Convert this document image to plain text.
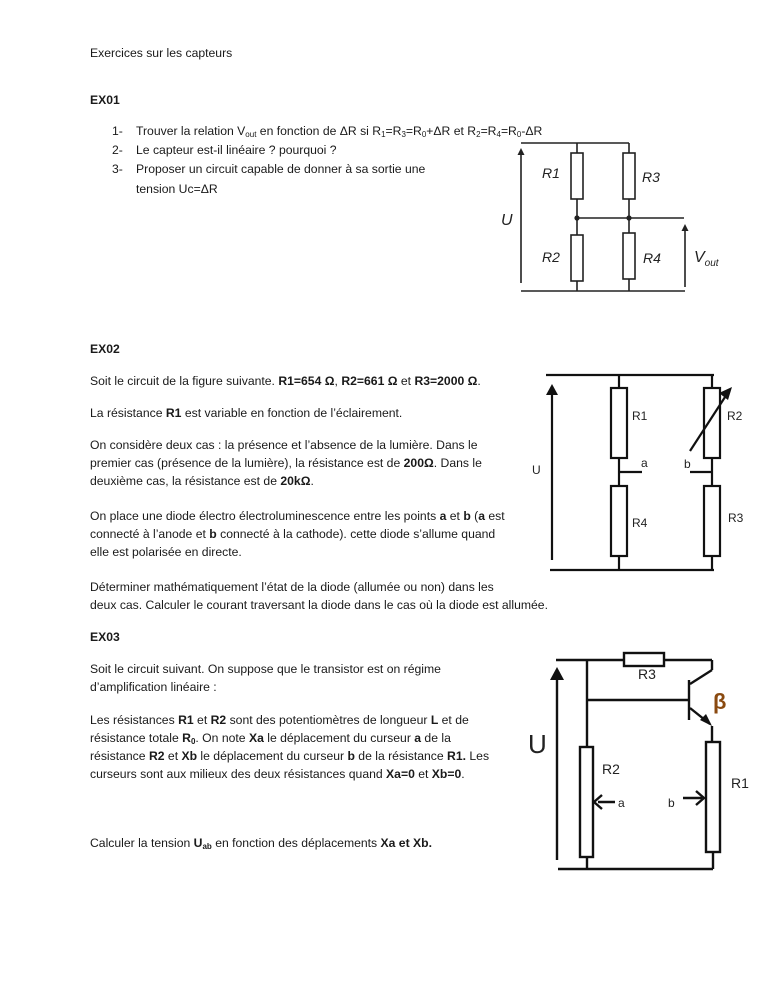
Exercices sur les capteurs
EX01
1- Trouver la relation $V_{out}$ en fonction de ΔR si $R_1=R_3=R_0+\Delta R$ et $R_2=R_4=R_0-\Delta R$
2- Le capteur est-il linéaire ? pourquoi ?
3- Proposer un circuit capable de donner à sa sortie une
tension Uc=ΔR
R1	R3
R2	R4
U
$V_{out}$
EX02
Soit le circuit de la figure suivante. R1=654 Ω, R2=661 Ω et R3=2000 Ω.
La résistance R1 est variable en fonction de l’éclairement.
On considère deux cas : la présence et l’absence de la lumière. Dans le
premier cas (présence de la lumière), la résistance est de 200Ω. Dans le
deuxième cas, la résistance est de 20kΩ.
On place une diode électro électroluminescence entre les points a et b (a est
connecté à l’anode et b connecté à la cathode). cette diode s’allume quand
elle est polarisée en directe.
Déterminer mathématiquement l’état de la diode (allumée ou non) dans les
deux cas. Calculer le courant traversant la diode dans le cas où la diode est allumée.
R1	R2
R4	R3
U	a	b
EX03
Soit le circuit suivant. On suppose que le transistor est on régime
d’amplification linéaire :
Les résistances R1 et R2 sont des potentiomètres de longueur L et de
résistance totale $R_0$. On note Xa le déplacement du curseur a de la
résistance R2 et Xb le déplacement du curseur b de la résistance R1. Les
curseurs sont aux milieux des deux résistances quand Xa=0 et Xb=0.
Calculer la tension $U_{ab}$ en fonction des déplacements Xa et Xb.
R3
R2
R1
a	b
U
β
